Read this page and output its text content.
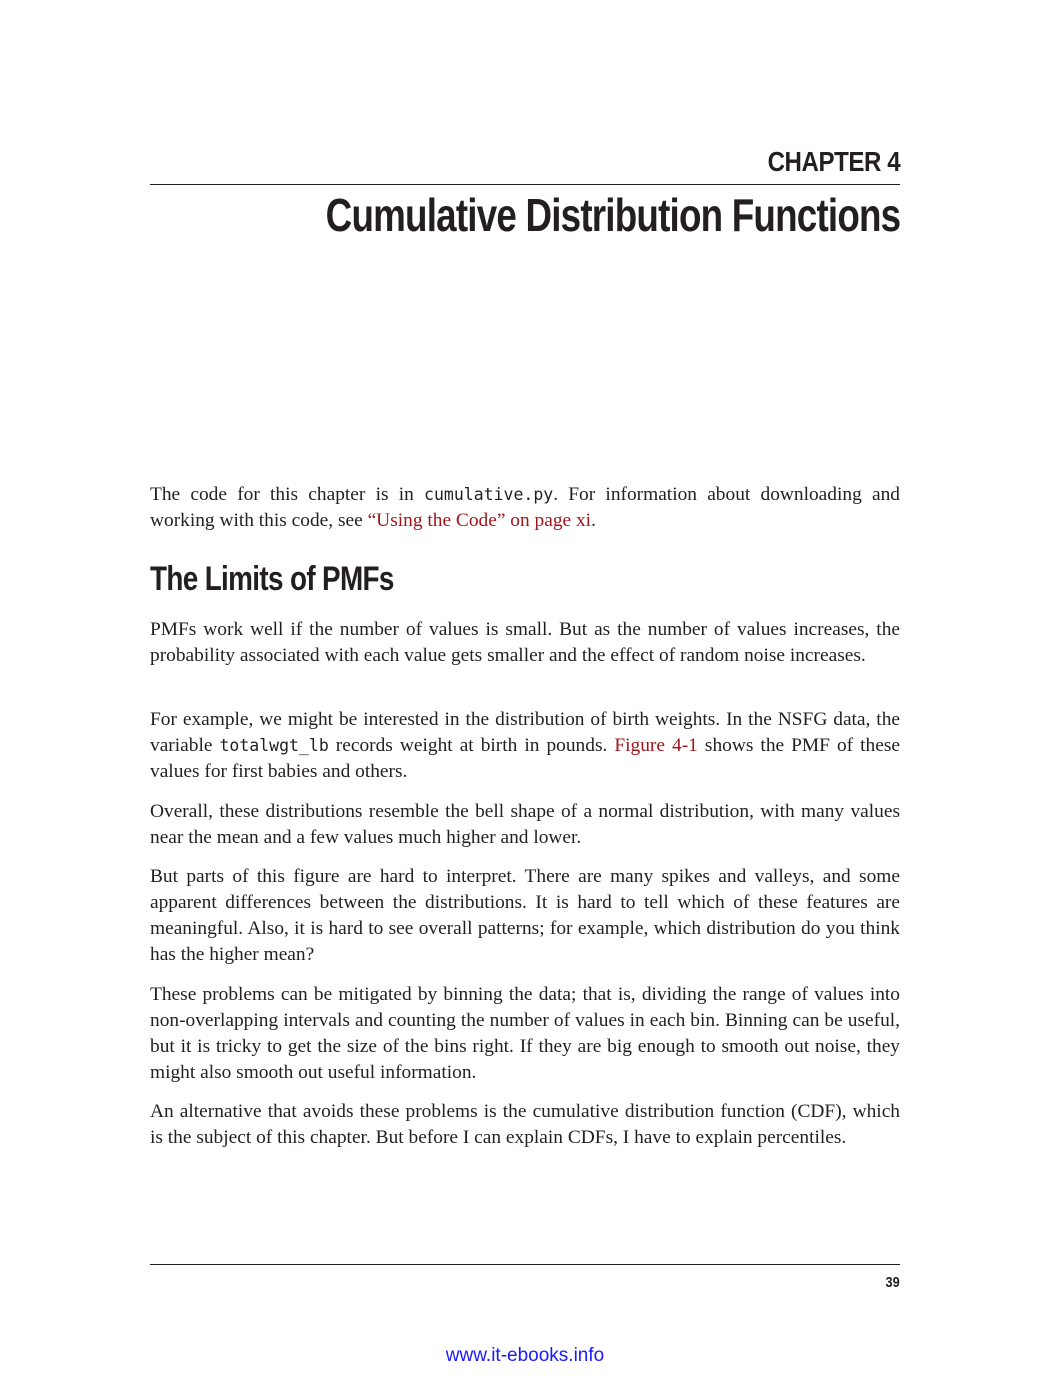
CHAPTER 4
Cumulative Distribution Functions

The code for this chapter is in cumulative.py. For information about downloading and working with this code, see “Using the Code” on page xi.

The Limits of PMFs

PMFs work well if the number of values is small. But as the number of values increases, the probability associated with each value gets smaller and the effect of random noise increases.

For example, we might be interested in the distribution of birth weights. In the NSFG data, the variable totalwgt_lb records weight at birth in pounds. Figure 4-1 shows the PMF of these values for first babies and others.

Overall, these distributions resemble the bell shape of a normal distribution, with many values near the mean and a few values much higher and lower.

But parts of this figure are hard to interpret. There are many spikes and valleys, and some apparent differences between the distributions. It is hard to tell which of these features are meaningful. Also, it is hard to see overall patterns; for example, which distribution do you think has the higher mean?

These problems can be mitigated by binning the data; that is, dividing the range of values into non-overlapping intervals and counting the number of values in each bin. Binning can be useful, but it is tricky to get the size of the bins right. If they are big enough to smooth out noise, they might also smooth out useful information.

An alternative that avoids these problems is the cumulative distribution function (CDF), which is the subject of this chapter. But before I can explain CDFs, I have to explain percentiles.

39
www.it-ebooks.info
